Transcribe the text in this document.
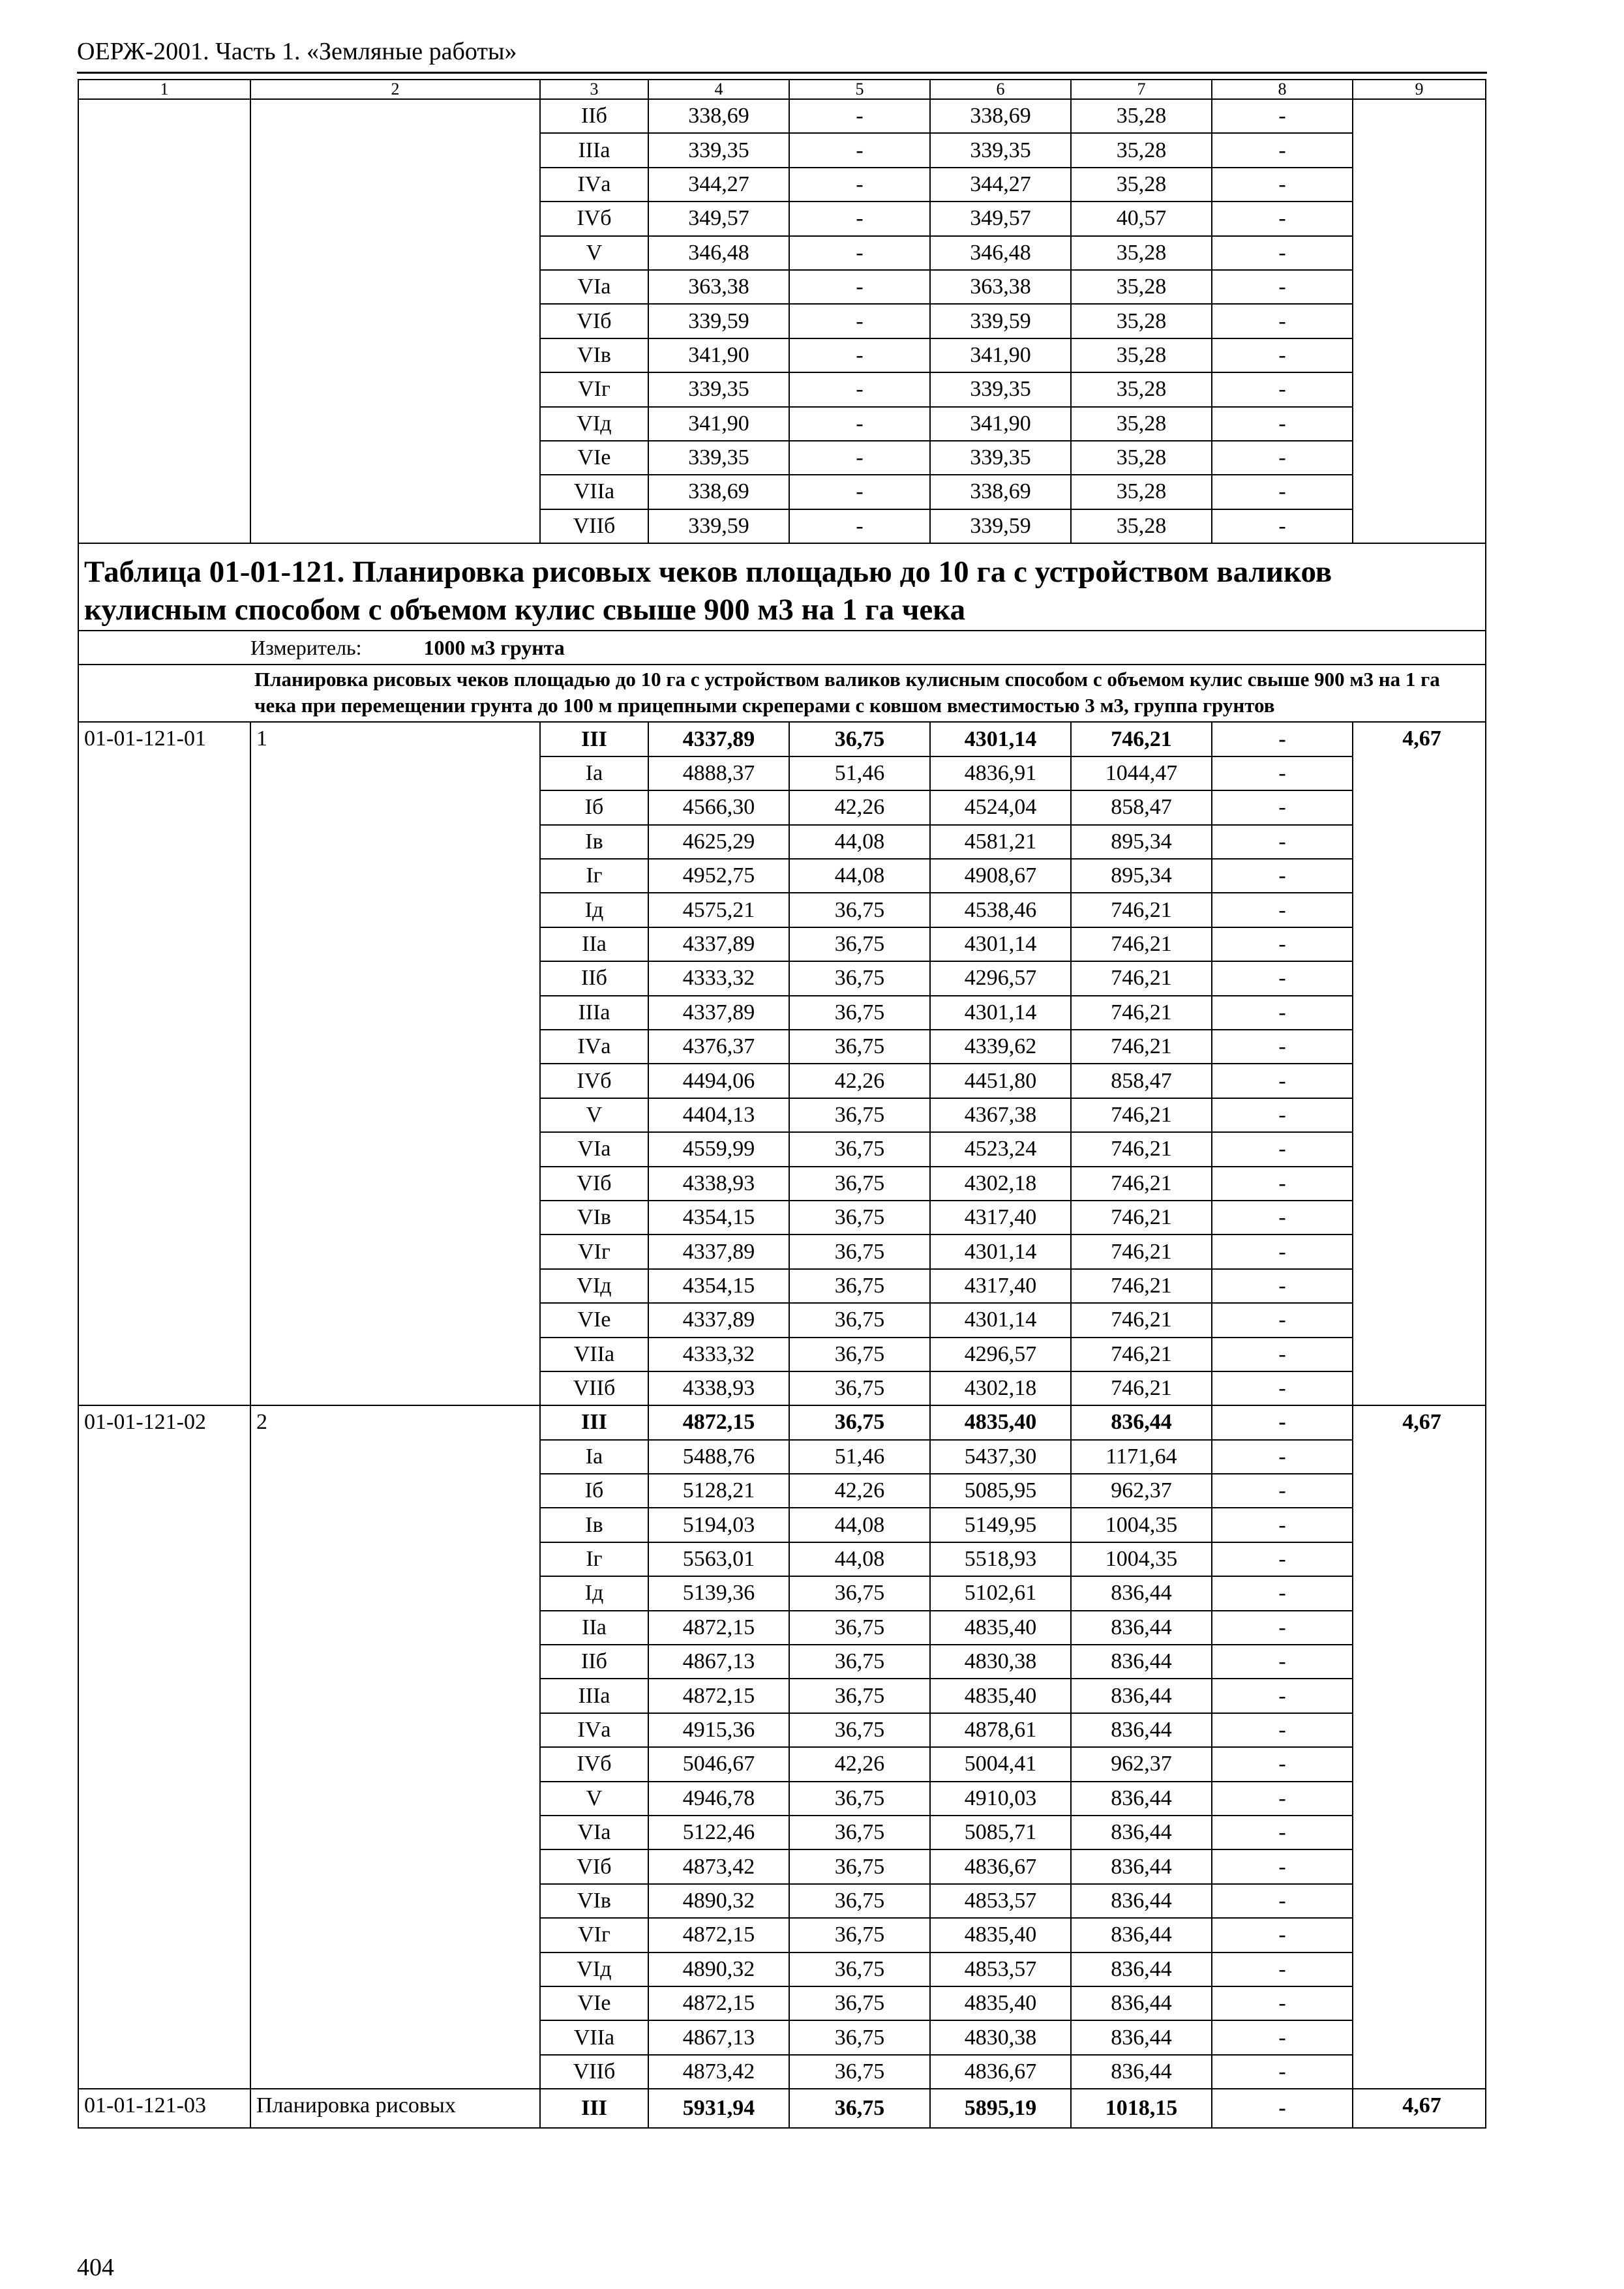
ОЕРЖ-2001. Часть 1. «Земляные работы»
1	2	3	4	5	6	7	8	9
		IIб	338,69	-	338,69	35,28	-	
		IIIа	339,35	-	339,35	35,28	-	
		IVа	344,27	-	344,27	35,28	-	
		IVб	349,57	-	349,57	40,57	-	
		V	346,48	-	346,48	35,28	-	
		VIа	363,38	-	363,38	35,28	-	
		VIб	339,59	-	339,59	35,28	-	
		VIв	341,90	-	341,90	35,28	-	
		VIг	339,35	-	339,35	35,28	-	
		VIд	341,90	-	341,90	35,28	-	
		VIе	339,35	-	339,35	35,28	-	
		VIIа	338,69	-	338,69	35,28	-	
		VIIб	339,59	-	339,59	35,28	-	
Таблица 01-01-121. Планировка рисовых чеков площадью до 10 га с устройством валиков кулисным способом с объемом кулис свыше 900 м3 на 1 га чека								
	Измеритель: 1000 м3 грунта							
	Планировка рисовых чеков площадью до 10 га с устройством валиков кулисным способом с объемом кулис свыше 900 м3 на 1 га чека при перемещении грунта до 100 м прицепными скреперами с ковшом вместимостью 3 м3, группа грунтов							
01-01-121-01	1	III	4337,89	36,75	4301,14	746,21	-	4,67
		Iа	4888,37	51,46	4836,91	1044,47	-	
		Iб	4566,30	42,26	4524,04	858,47	-	
		Iв	4625,29	44,08	4581,21	895,34	-	
		Iг	4952,75	44,08	4908,67	895,34	-	
		Iд	4575,21	36,75	4538,46	746,21	-	
		IIа	4337,89	36,75	4301,14	746,21	-	
		IIб	4333,32	36,75	4296,57	746,21	-	
		IIIа	4337,89	36,75	4301,14	746,21	-	
		IVа	4376,37	36,75	4339,62	746,21	-	
		IVб	4494,06	42,26	4451,80	858,47	-	
		V	4404,13	36,75	4367,38	746,21	-	
		VIа	4559,99	36,75	4523,24	746,21	-	
		VIб	4338,93	36,75	4302,18	746,21	-	
		VIв	4354,15	36,75	4317,40	746,21	-	
		VIг	4337,89	36,75	4301,14	746,21	-	
		VIд	4354,15	36,75	4317,40	746,21	-	
		VIе	4337,89	36,75	4301,14	746,21	-	
		VIIа	4333,32	36,75	4296,57	746,21	-	
		VIIб	4338,93	36,75	4302,18	746,21	-	
01-01-121-02	2	III	4872,15	36,75	4835,40	836,44	-	4,67
		Iа	5488,76	51,46	5437,30	1171,64	-	
		Iб	5128,21	42,26	5085,95	962,37	-	
		Iв	5194,03	44,08	5149,95	1004,35	-	
		Iг	5563,01	44,08	5518,93	1004,35	-	
		Iд	5139,36	36,75	5102,61	836,44	-	
		IIа	4872,15	36,75	4835,40	836,44	-	
		IIб	4867,13	36,75	4830,38	836,44	-	
		IIIа	4872,15	36,75	4835,40	836,44	-	
		IVа	4915,36	36,75	4878,61	836,44	-	
		IVб	5046,67	42,26	5004,41	962,37	-	
		V	4946,78	36,75	4910,03	836,44	-	
		VIа	5122,46	36,75	5085,71	836,44	-	
		VIб	4873,42	36,75	4836,67	836,44	-	
		VIв	4890,32	36,75	4853,57	836,44	-	
		VIг	4872,15	36,75	4835,40	836,44	-	
		VIд	4890,32	36,75	4853,57	836,44	-	
		VIе	4872,15	36,75	4835,40	836,44	-	
		VIIа	4867,13	36,75	4830,38	836,44	-	
		VIIб	4873,42	36,75	4836,67	836,44	-	
01-01-121-03	Планировка рисовых	III	5931,94	36,75	5895,19	1018,15	-	4,67
404
